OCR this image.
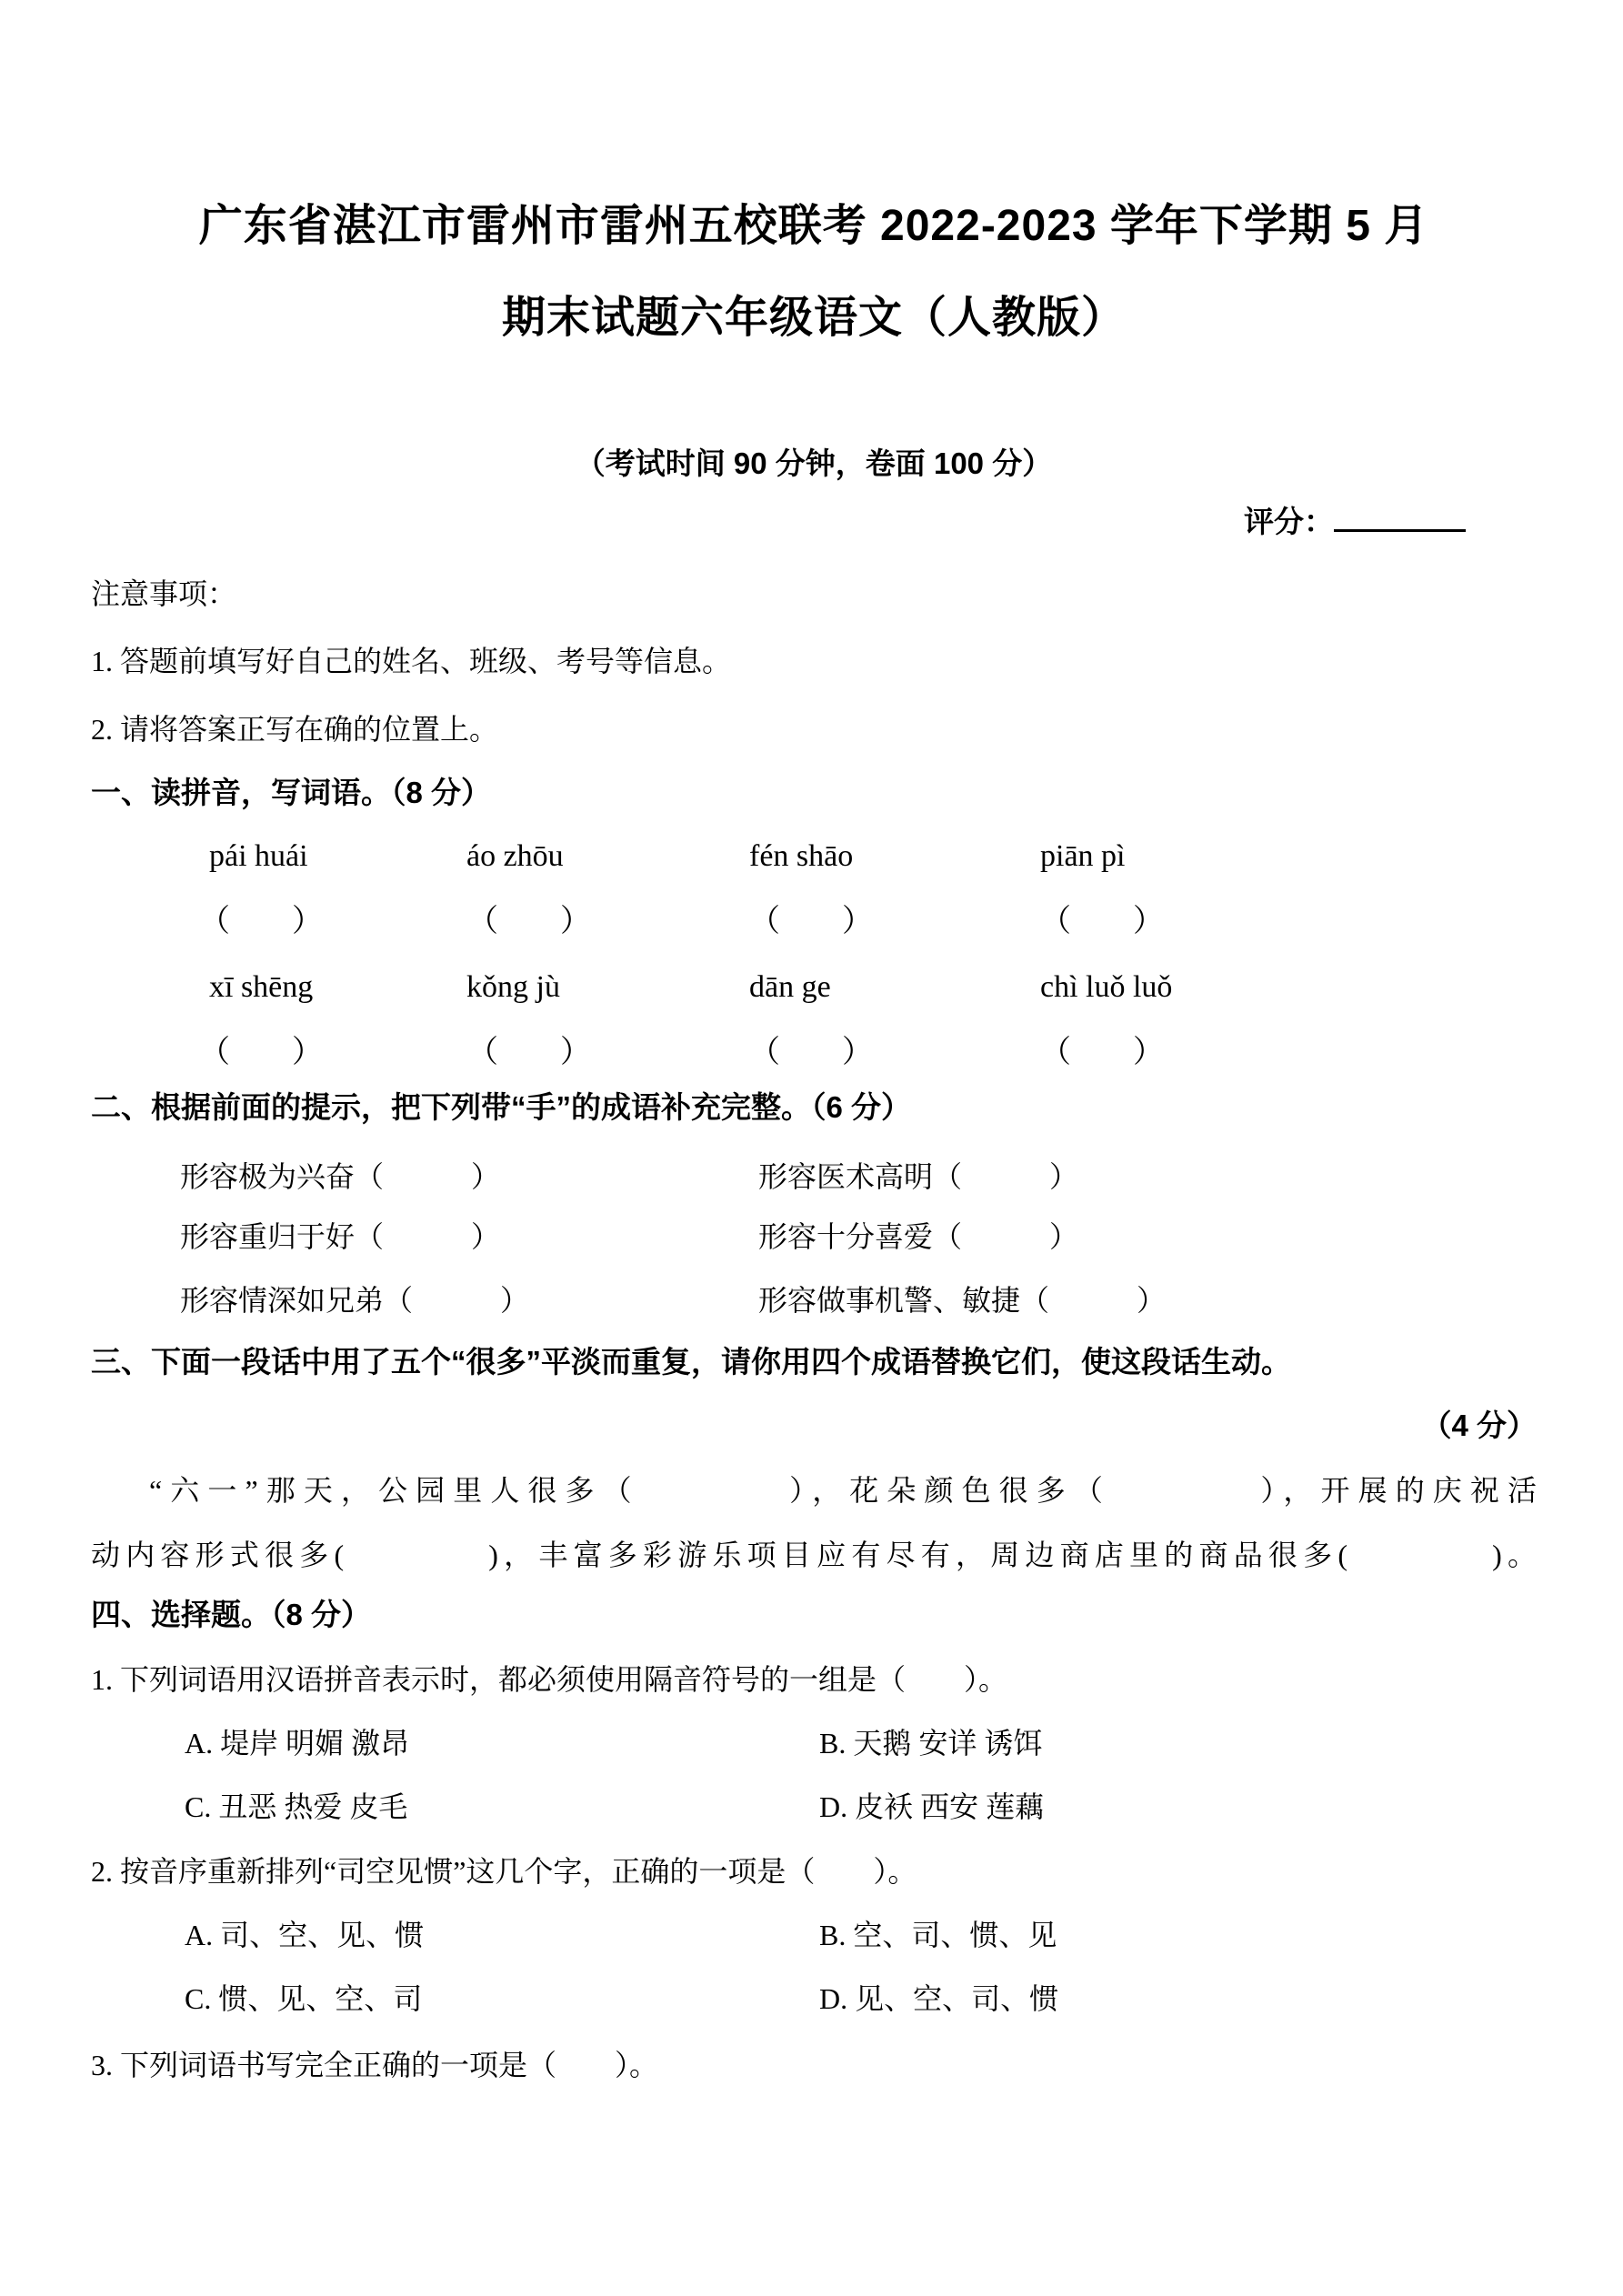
广东省湛江市雷州市雷州五校联考 2022-2023 学年下学期 5 月
期末试题六年级语文（人教版）
（考试时间 90 分钟，卷面 100 分）
评分：
注意事项：
1. 答题前填写好自己的姓名、班级、考号等信息。
2. 请将答案正写在确的位置上。
一、读拼音，写词语。（8 分）
pái huái	áo zhōu	fén shāo	piān pì
（　　）	（　　）	（　　）	（　　）
xī shēng	kǒng jù	dān ge	chì luǒ luǒ
（　　）	（　　）	（　　）	（　　）
二、根据前面的提示，把下列带“手”的成语补充完整。（6 分）
形容极为兴奋（　　　）	形容医术高明（　　　）
形容重归于好（　　　）	形容十分喜爱（　　　）
形容情深如兄弟（　　　）	形容做事机警、敏捷（　　　）
三、下面一段话中用了五个“很多”平淡而重复，请你用四个成语替换它们，使这段话生动。
（4 分）
“六一”那天，公园里人很多（　　　　），花朵颜色很多（　　　　），开展的庆祝活
动内容形式很多(　　　　)，丰富多彩游乐项目应有尽有，周边商店里的商品很多(　　　　)。
四、选择题。（8 分）
1. 下列词语用汉语拼音表示时，都必须使用隔音符号的一组是（　　）。
A. 堤岸 明媚 激昂	B. 天鹅 安详 诱饵
C. 丑恶 热爱 皮毛	D. 皮袄 西安 莲藕
2. 按音序重新排列“司空见惯”这几个字，正确的一项是（　　）。
A. 司、空、见、惯	B. 空、司、惯、见
C. 惯、见、空、司	D. 见、空、司、惯
3. 下列词语书写完全正确的一项是（　　）。
